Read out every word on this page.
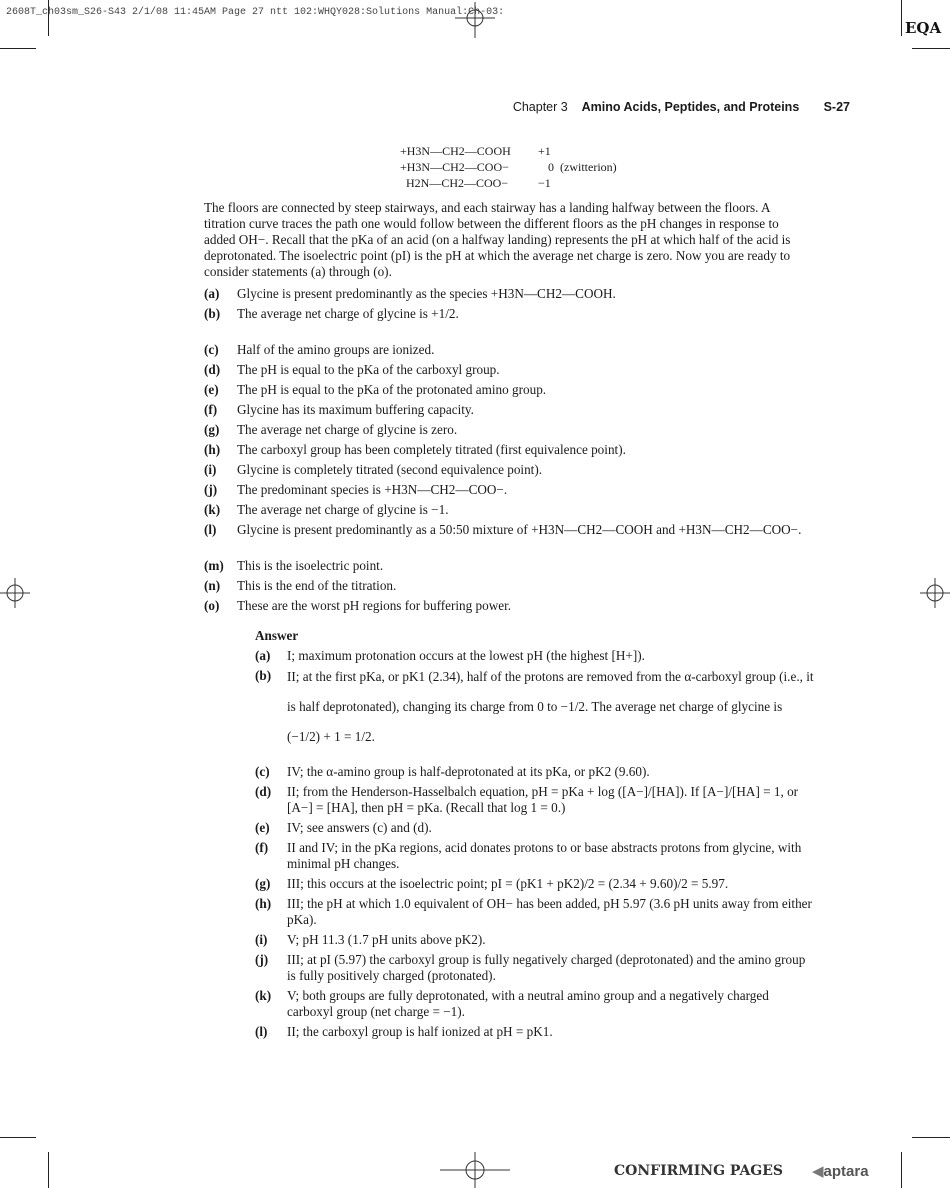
2608T_ch03sm_S26-S43 2/1/08 11:45AM Page 27 ntt 102:WHQY028:Solutions Manual:Ch-03:
EQA
Chapter 3 Amino Acids, Peptides, and Proteins S-27
+H3N—CH2—COOH +1
+H3N—CH2—COO−	0 (zwitterion)
H2N—CH2—COO− −1
The floors are connected by steep stairways, and each stairway has a landing halfway between the floors. A titration curve traces the path one would follow between the different floors as the pH changes in response to added OH−. Recall that the pKa of an acid (on a halfway landing) represents the pH at which half of the acid is deprotonated. The isoelectric point (pI) is the pH at which the average net charge is zero. Now you are ready to consider statements (a) through (o).
(a) Glycine is present predominantly as the species +H3N—CH2—COOH.
(b) The average net charge of glycine is +1/2.
(c) Half of the amino groups are ionized.
(d) The pH is equal to the pKa of the carboxyl group.
(e) The pH is equal to the pKa of the protonated amino group.
(f) Glycine has its maximum buffering capacity.
(g) The average net charge of glycine is zero.
(h) The carboxyl group has been completely titrated (first equivalence point).
(i) Glycine is completely titrated (second equivalence point).
(j) The predominant species is +H3N—CH2—COO−.
(k) The average net charge of glycine is −1.
(l) Glycine is present predominantly as a 50:50 mixture of +H3N—CH2—COOH and +H3N—CH2—COO−.
(m) This is the isoelectric point.
(n) This is the end of the titration.
(o) These are the worst pH regions for buffering power.
Answer
(a) I; maximum protonation occurs at the lowest pH (the highest [H+]).
(b) II; at the first pKa, or pK1 (2.34), half of the protons are removed from the α-carboxyl group (i.e., it is half deprotonated), changing its charge from 0 to −1/2. The average net charge of glycine is (−1/2) + 1 = 1/2.
(c) IV; the α-amino group is half-deprotonated at its pKa, or pK2 (9.60).
(d) II; from the Henderson-Hasselbalch equation, pH = pKa + log ([A−]/[HA]). If [A−]/[HA] = 1, or [A−] = [HA], then pH = pKa. (Recall that log 1 = 0.)
(e) IV; see answers (c) and (d).
(f) II and IV; in the pKa regions, acid donates protons to or base abstracts protons from glycine, with minimal pH changes.
(g) III; this occurs at the isoelectric point; pI = (pK1 + pK2)/2 = (2.34 + 9.60)/2 = 5.97.
(h) III; the pH at which 1.0 equivalent of OH− has been added, pH 5.97 (3.6 pH units away from either pKa).
(i) V; pH 11.3 (1.7 pH units above pK2).
(j) III; at pI (5.97) the carboxyl group is fully negatively charged (deprotonated) and the amino group is fully positively charged (protonated).
(k) V; both groups are fully deprotonated, with a neutral amino group and a negatively charged carboxyl group (net charge = −1).
(l) II; the carboxyl group is half ionized at pH = pK1.
CONFIRMING PAGES ◀aptara
